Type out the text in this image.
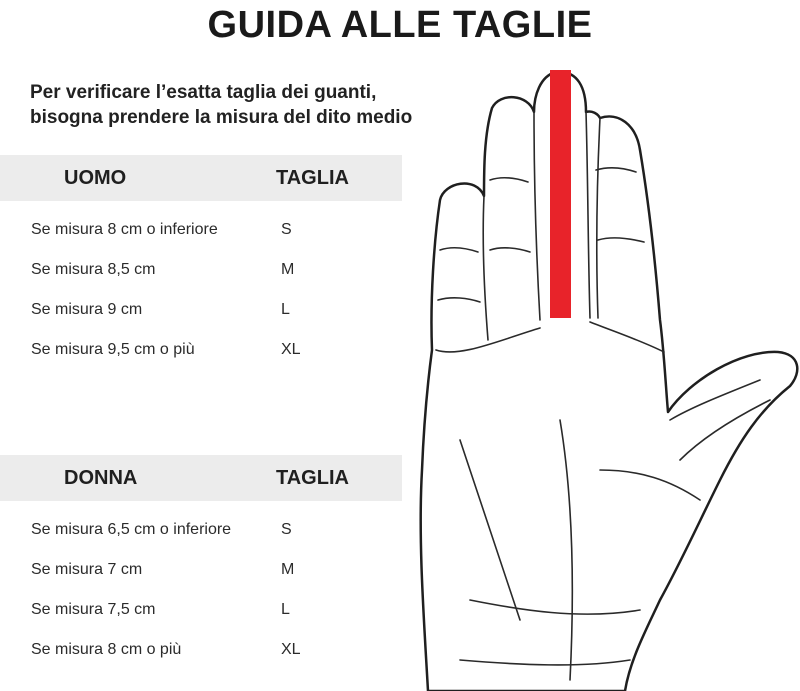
GUIDA ALLE TAGLIE
Per verificare l’esatta taglia dei guanti,
bisogna prendere la misura del dito medio
UOMO	TAGLIA
Se misura 8 cm o inferiore	S
Se misura 8,5 cm	M
Se misura 9 cm	L
Se misura 9,5 cm o più	XL
DONNA	TAGLIA
Se misura 6,5 cm o inferiore	S
Se misura 7 cm	M
Se misura 7,5 cm	L
Se misura 8 cm o più	XL
